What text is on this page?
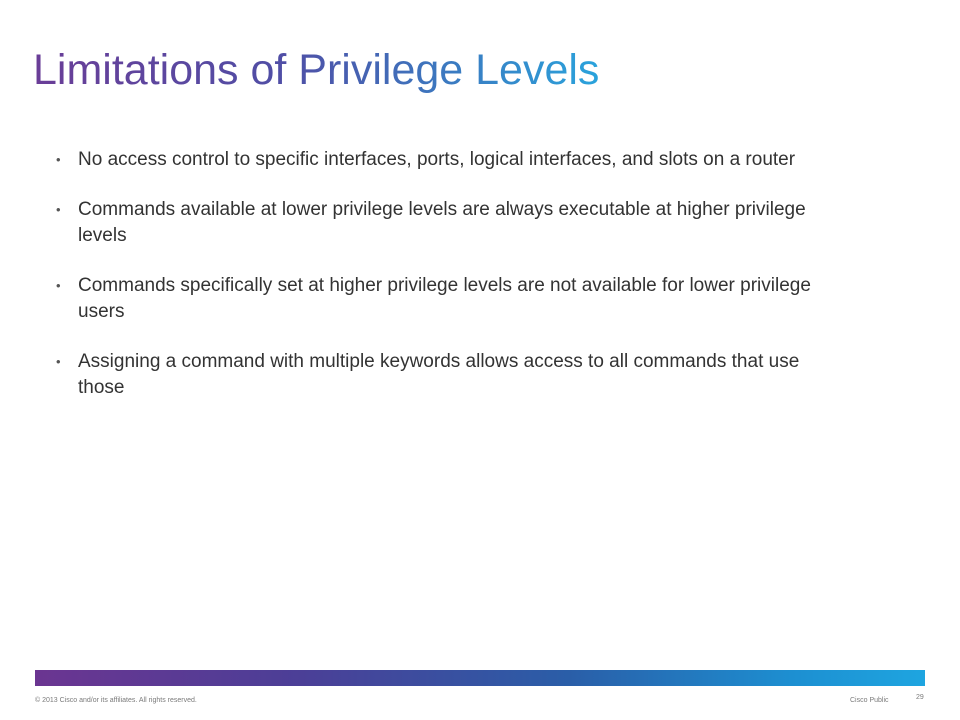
Limitations of Privilege Levels
• No access control to specific interfaces, ports, logical interfaces, and slots on a router
• Commands available at lower privilege levels are always executable at higher privilege levels
• Commands specifically set at higher privilege levels are not available for lower privilege users
• Assigning a command with multiple keywords allows access to all commands that use those
© 2013 Cisco and/or its affiliates. All rights reserved.	Cisco Public	29
